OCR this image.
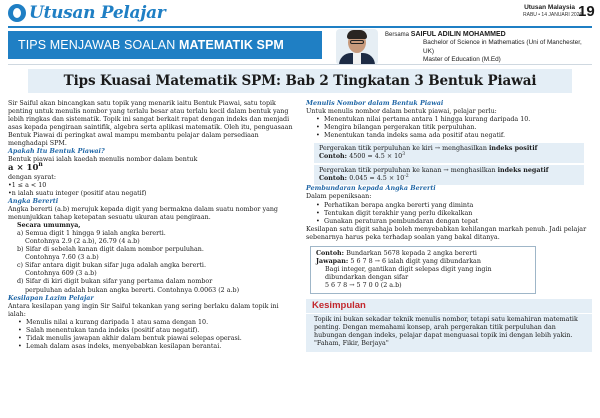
Utusan Pelajar	Utusan Malaysia
RABU • 14 JANUARI 2026
19
TIPS MENJAWAB SOALAN MATEMATIK SPM
Bersama SAIFUL ADILIN MOHAMMED
Bachelor of Science in Mathematics (Uni of Manchester, UK)
Master of Education (M.Ed)
Tips Kuasai Matematik SPM: Bab 2 Tingkatan 3 Bentuk Piawai

Sir Saiful akan bincangkan satu topik yang menarik iaitu Bentuk Piawai, satu topik penting untuk menulis nombor yang terlalu besar atau terlalu kecil dalam bentuk yang lebih ringkas dan sistematik. Topik ini sangat berkait rapat dengan indeks dan menjadi asas kepada pengiraan saintifik, algebra serta aplikasi matematik. Oleh itu, penguasaan Bentuk Piawai di peringkat awal mampu membantu pelajar dalam persediaan menghadapi SPM.

Apakah Itu Bentuk Piawai?

Bentuk piawai ialah kaedah menulis nombor dalam bentuk

$a \times 10^n$

dengan syarat:

•1 ≤ a < 10

•n ialah suatu integer (positif atau negatif)

Angka Bererti

Angka bererti (a.b) merujuk kepada digit yang bermakna dalam suatu nombor yang menunjukkan tahap ketepatan sesuatu ukuran atau pengiraan.

Secara umumnya,

a) Semua digit 1 hingga 9 ialah angka bererti.

Contohnya 2.9 (2 a.b), 26.79 (4 a.b)

b) Sifar di sebelah kanan digit dalam nombor perpuluhan.

Contohnya 7.60 (3 a.b)

c) Sifar antara digit bukan sifar juga adalah angka bererti.

Contohnya 609 (3 a.b)

d) Sifar di kiri digit bukan sifar yang pertama dalam nombor

perpuluhan adalah bukan angka bererti. Contohnya 0.0063 (2 a.b)

Kesilapan Lazim Pelajar

Antara kesilapan yang ingin Sir Saiful tekankan yang sering berlaku dalam topik ini ialah:

• Menulis nilai a kurang daripada 1 atau sama dengan 10.
• Salah menentukan tanda indeks (positif atau negatif).
• Tidak menulis jawapan akhir dalam bentuk piawai selepas operasi.
• Lemah dalam asas indeks, menyebabkan kesilapan berantai.

Menulis Nombor dalam Bentuk Piawai

Untuk menulis nombor dalam bentuk piawai, pelajar perlu:

• Menentukan nilai pertama antara 1 hingga kurang daripada 10.
• Mengira bilangan pergerakan titik perpuluhan.
• Menentukan tanda indeks sama ada positif atau negatif.

Pergerakan titik perpuluhan ke kiri → menghasilkan indeks positif

Contoh: $4500 = 4.5 \times 10^3$

Pergerakan titik perpuluhan ke kanan → menghasilkan indeks negatif

Contoh: $0.045 = 4.5 \times 10^{-2}$

Pembundaran kepada Angka Bererti

Dalam pepeniksaan:

• Perhatikan berapa angka bererti yang diminta
• Tentukan digit terakhir yang perlu dikekalkan
• Gunakan peraturan pembundaran dengan tepat

Kesilapan satu digit sahaja boleh menyebabkan kehilangan markah penuh. Jadi pelajar sebenarnya harus peka terhadap soalan yang bakal ditanya.

Contoh: Bundarkan 5678 kepada 2 angka bererti

Jawapan: 5 6 7 8 → 6 ialah digit yang dibundarkan

Bagi integer, gantikan digit selepas digit yang ingin

dibundarkan dengan sifar

5 6 7 8 → 5 7 0 0 (2 a.b)

Kesimpulan

Topik ini bukan sekadar teknik menulis nombor, tetapi satu kemahiran matematik penting. Dengan memahami konsep, arah pergerakan titik perpuluhan dan hubungan dengan indeks, pelajar dapat menguasai topik ini dengan lebih yakin.

"Faham, Fikir, Berjaya"
